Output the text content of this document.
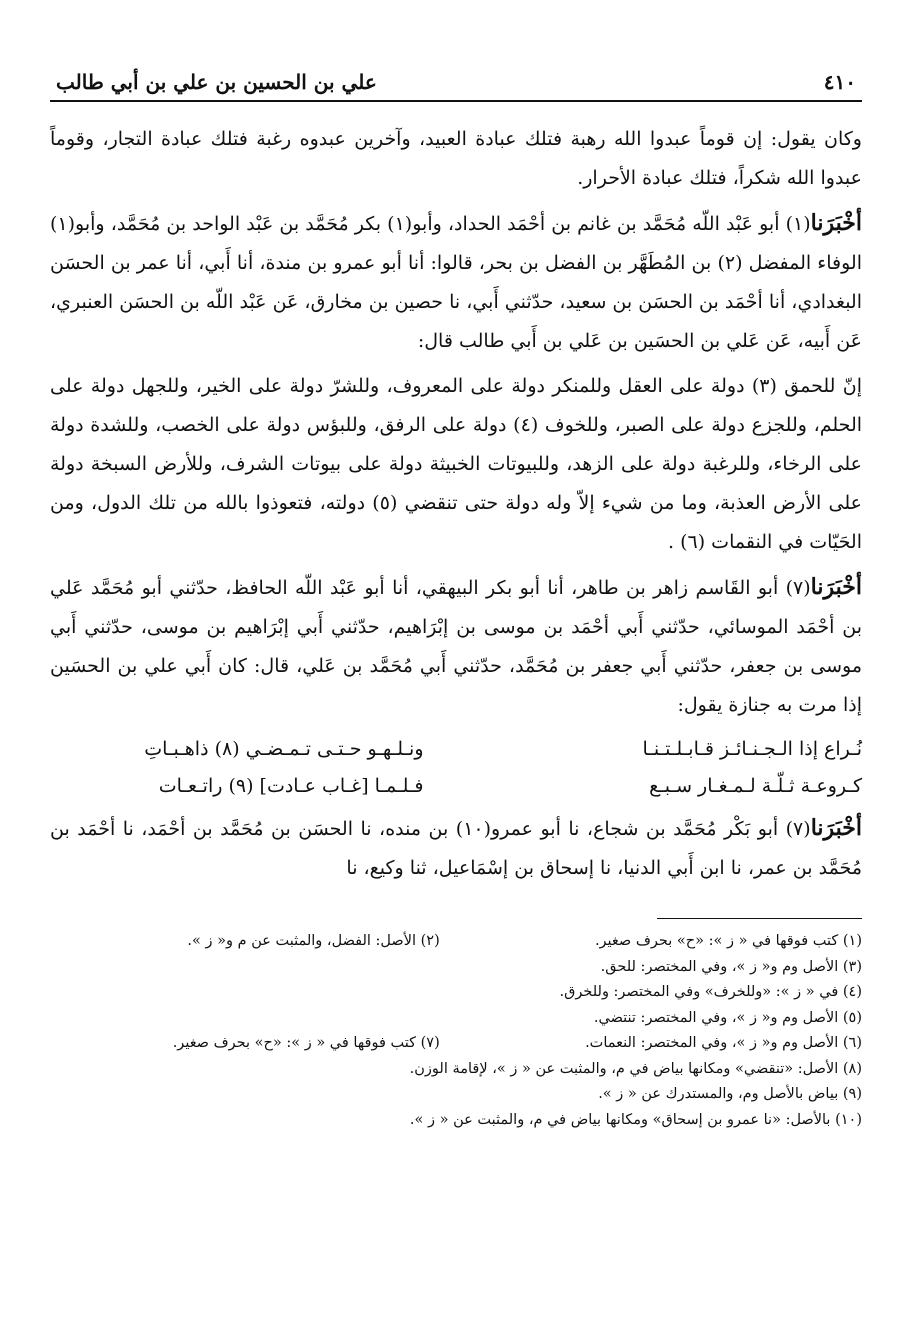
٤١٠
علي بن الحسين بن علي بن أبي طالب

وكان يقول: إن قوماً عبدوا الله رهبة فتلك عبادة العبيد، وآخرين عبدوه رغبة فتلك عبادة التجار، وقوماً عبدوا الله شكراً، فتلك عبادة الأحرار.

أخْبَرَنا(١) أبو عَبْد اللّه مُحَمَّد بن غانم بن أحْمَد الحداد، وأبو(١) بكر مُحَمَّد بن عَبْد الواحد بن مُحَمَّد، وأبو(١) الوفاء المفضل (٢) بن المُطَهَّر بن الفضل بن بحر، قالوا: أنا أبو عمرو بن مندة، أنا أَبي، أنا عمر بن الحسَن البغدادي، أنا أحْمَد بن الحسَن بن سعيد، حدّثني أَبي، نا حصين بن مخارق، عَن عَبْد اللّه بن الحسَن العنبري، عَن أَبيه، عَن عَلي بن الحسَين بن عَلي بن أَبي طالب قال:

إنّ للحمق (٣) دولة على العقل وللمنكر دولة على المعروف، وللشرّ دولة على الخير، وللجهل دولة على الحلم، وللجزع دولة على الصبر، وللخوف (٤) دولة على الرفق، وللبؤس دولة على الخصب، وللشدة دولة على الرخاء، وللرغبة دولة على الزهد، وللبيوتات الخبيثة دولة على بيوتات الشرف، وللأرض السبخة دولة على الأرض العذبة، وما من شيء إلاّ وله دولة حتى تنقضي (٥) دولته، فتعوذوا بالله من تلك الدول، ومن الحَيّات في النقمات (٦) .

أخْبَرَنا(٧) أبو القَاسم زاهر بن طاهر، أنا أبو بكر البيهقي، أنا أبو عَبْد اللّه الحافظ، حدّثني أبو مُحَمَّد عَلي بن أحْمَد الموسائي، حدّثني أَبي أحْمَد بن موسى بن إبْرَاهيم، حدّثني أَبي إبْرَاهيم بن موسى، حدّثني أَبي موسى بن جعفر، حدّثني أَبي جعفر بن مُحَمَّد، حدّثني أَبي مُحَمَّد بن عَلي، قال: كان أَبي علي بن الحسَين إذا مرت به جنازة يقول:

نُـراع إذا الـجـنـائـز قـابـلـتـنـا
ونـلـهـو حـتـى تـمـضـي (٨) ذاهـبـاتِ
كـروعـة ثـلّـة لـمـغـار سـبـع
فـلـمـا [غـاب عـادت] (٩) راتـعـات

أخْبَرَنا(٧) أبو بَكْر مُحَمَّد بن شجاع، نا أبو عمرو(١٠) بن منده، نا الحسَن بن مُحَمَّد بن أحْمَد، نا أحْمَد بن مُحَمَّد بن عمر، نا ابن أَبي الدنيا، نا إسحاق بن إسْمَاعيل، ثنا وكيع، نا

(١) كتب فوقها في « ز »: «ح» بحرف صغير.
(٢) الأصل: الفضل، والمثبت عن م و« ز ».
(٣) الأصل وم و« ز »، وفي المختصر: للحق.
(٤) في « ز »: «وللخرف» وفي المختصر: وللخرق.
(٥) الأصل وم و« ز »، وفي المختصر: تنتضي.
(٦) الأصل وم و« ز »، وفي المختصر: النعمات.
(٧) كتب فوقها في « ز »: «ح» بحرف صغير.
(٨) الأصل: «تنقضي» ومكانها بياض في م، والمثبت عن « ز »، لإقامة الوزن.
(٩) بياض بالأصل وم، والمستدرك عن « ز ».
(١٠) بالأصل: «نا عمرو بن إسحاق» ومكانها بياض في م، والمثبت عن « ز ».
